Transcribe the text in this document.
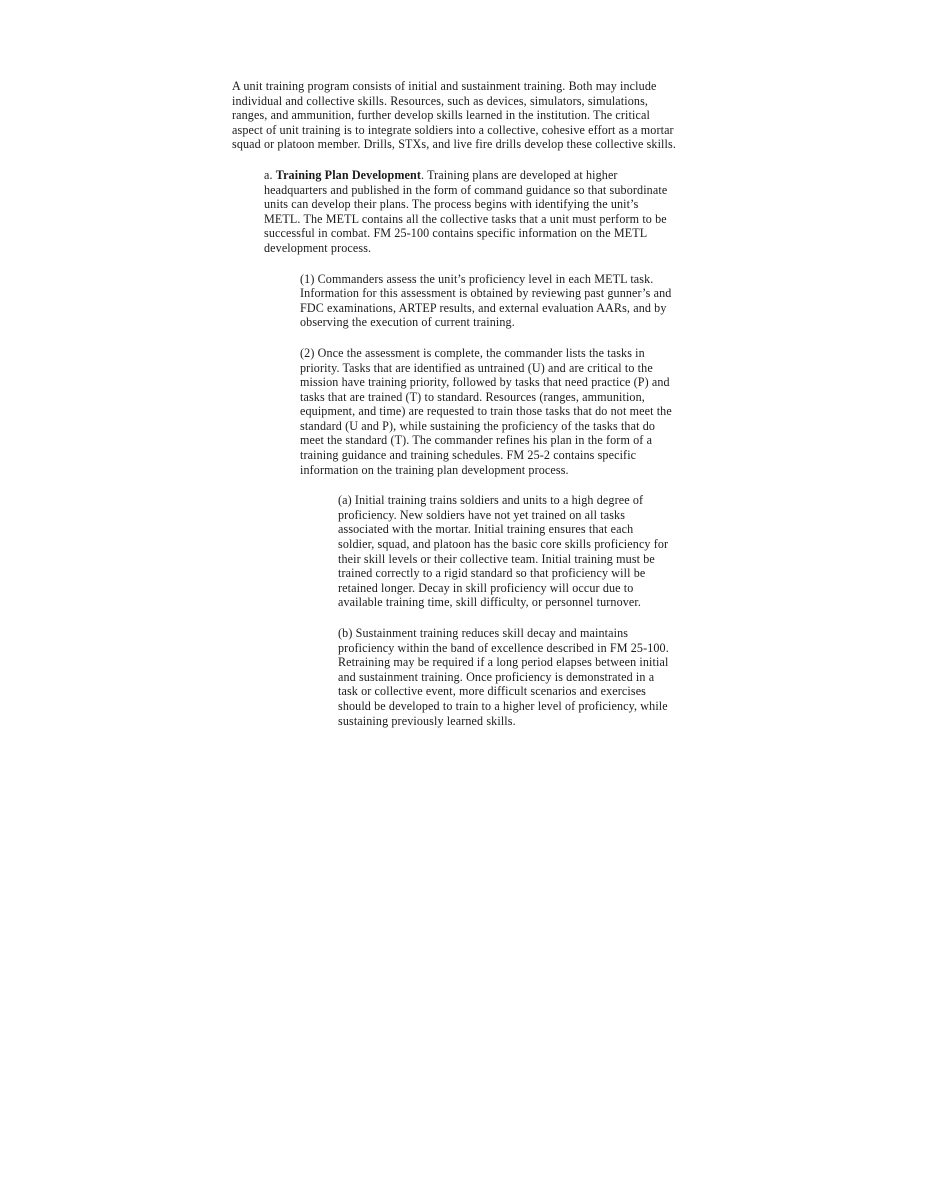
A unit training program consists of initial and sustainment training. Both may include
individual and collective skills. Resources, such as devices, simulators, simulations,
ranges, and ammunition, further develop skills learned in the institution. The critical
aspect of unit training is to integrate soldiers into a collective, cohesive effort as a mortar
squad or platoon member. Drills, STXs, and live fire drills develop these collective skills.
a. Training Plan Development. Training plans are developed at higher
headquarters and published in the form of command guidance so that subordinate
units can develop their plans. The process begins with identifying the unit’s
METL. The METL contains all the collective tasks that a unit must perform to be
successful in combat. FM 25-100 contains specific information on the METL
development process.
(1) Commanders assess the unit’s proficiency level in each METL task.
Information for this assessment is obtained by reviewing past gunner’s and
FDC examinations, ARTEP results, and external evaluation AARs, and by
observing the execution of current training.
(2) Once the assessment is complete, the commander lists the tasks in
priority. Tasks that are identified as untrained (U) and are critical to the
mission have training priority, followed by tasks that need practice (P) and
tasks that are trained (T) to standard. Resources (ranges, ammunition,
equipment, and time) are requested to train those tasks that do not meet the
standard (U and P), while sustaining the proficiency of the tasks that do
meet the standard (T). The commander refines his plan in the form of a
training guidance and training schedules. FM 25-2 contains specific
information on the training plan development process.
(a) Initial training trains soldiers and units to a high degree of
proficiency. New soldiers have not yet trained on all tasks
associated with the mortar. Initial training ensures that each
soldier, squad, and platoon has the basic core skills proficiency for
their skill levels or their collective team. Initial training must be
trained correctly to a rigid standard so that proficiency will be
retained longer. Decay in skill proficiency will occur due to
available training time, skill difficulty, or personnel turnover.
(b) Sustainment training reduces skill decay and maintains
proficiency within the band of excellence described in FM 25-100.
Retraining may be required if a long period elapses between initial
and sustainment training. Once proficiency is demonstrated in a
task or collective event, more difficult scenarios and exercises
should be developed to train to a higher level of proficiency, while
sustaining previously learned skills.
